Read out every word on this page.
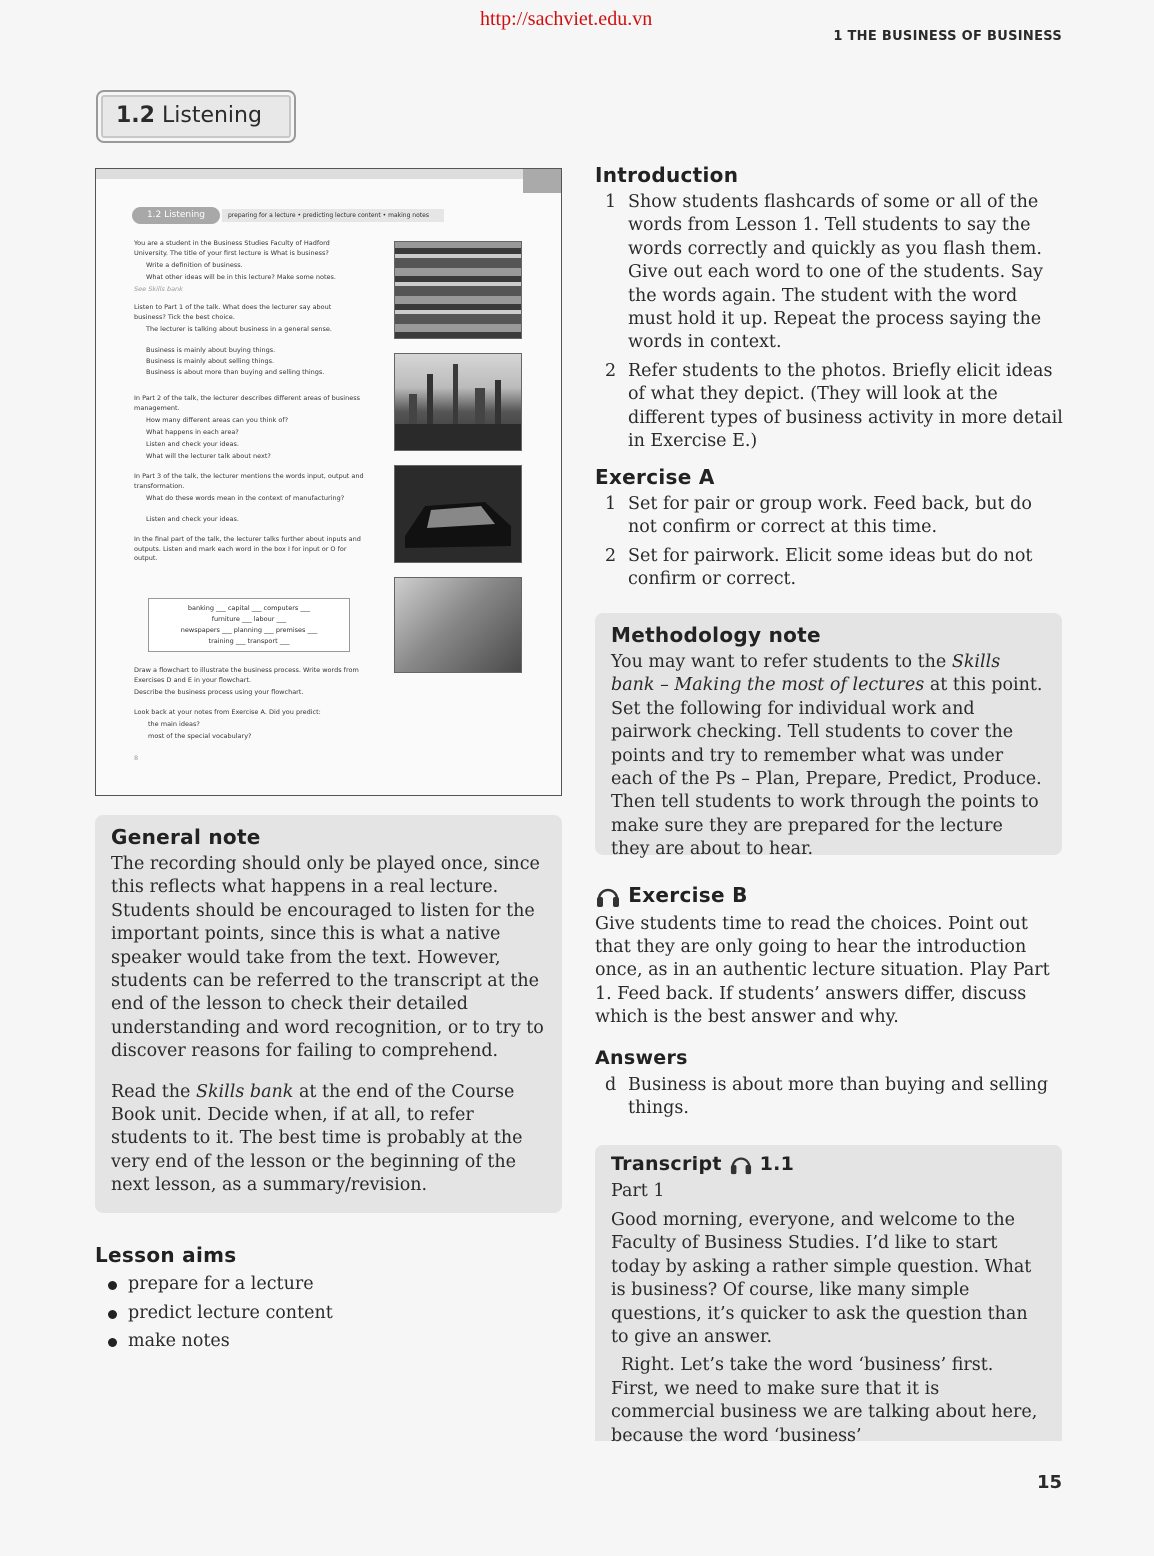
http://sachviet.edu.vn
1 THE BUSINESS OF BUSINESS
1.2 Listening
1.2 Listening	preparing for a lecture • predicting lecture content • making notes
You are a student in the Business Studies Faculty of Hadford University. The title of your first lecture is What is business?
Write a definition of business.
What other ideas will be in this lecture? Make some notes.
See Skills bank
Listen to Part 1 of the talk. What does the lecturer say about business? Tick the best choice.
The lecturer is talking about business in a general sense.
Business is mainly about buying things.
Business is mainly about selling things.
Business is about more than buying and selling things.
In Part 2 of the talk, the lecturer describes different areas of business management.
How many different areas can you think of?
What happens in each area?
Listen and check your ideas.
What will the lecturer talk about next?
In Part 3 of the talk, the lecturer mentions the words input, output and transformation.
What do these words mean in the context of manufacturing?
Listen and check your ideas.
In the final part of the talk, the lecturer talks further about inputs and outputs. Listen and mark each word in the box I for input or O for output.
banking ___ capital ___ computers ___
furniture ___ labour ___
newspapers ___ planning ___ premises ___
training ___ transport ___
Draw a flowchart to illustrate the business process. Write words from Exercises D and E in your flowchart.
Describe the business process using your flowchart.
Look back at your notes from Exercise A. Did you predict:
the main ideas?
most of the special vocabulary?
8
General note
The recording should only be played once, since this reflects what happens in a real lecture. Students should be encouraged to listen for the important points, since this is what a native speaker would take from the text. However, students can be referred to the transcript at the end of the lesson to check their detailed understanding and word recognition, or to try to discover reasons for failing to comprehend.
Read the Skills bank at the end of the Course Book unit. Decide when, if at all, to refer students to it. The best time is probably at the very end of the lesson or the beginning of the next lesson, as a summary/revision.
Lesson aims
prepare for a lecture
predict lecture content
make notes
Introduction
1 Show students flashcards of some or all of the words from Lesson 1. Tell students to say the words correctly and quickly as you flash them. Give out each word to one of the students. Say the words again. The student with the word must hold it up. Repeat the process saying the words in context.
2 Refer students to the photos. Briefly elicit ideas of what they depict. (They will look at the different types of business activity in more detail in Exercise E.)
Exercise A
1 Set for pair or group work. Feed back, but do not confirm or correct at this time.
2 Set for pairwork. Elicit some ideas but do not confirm or correct.
Methodology note
You may want to refer students to the Skills bank – Making the most of lectures at this point.
Set the following for individual work and pairwork checking. Tell students to cover the points and try to remember what was under each of the Ps – Plan, Prepare, Predict, Produce. Then tell students to work through the points to make sure they are prepared for the lecture they are about to hear.
Exercise B
Give students time to read the choices. Point out that they are only going to hear the introduction once, as in an authentic lecture situation. Play Part 1. Feed back. If students’ answers differ, discuss which is the best answer and why.
Answers
d Business is about more than buying and selling things.
Transcript 1.1
Part 1
Good morning, everyone, and welcome to the Faculty of Business Studies. I’d like to start today by asking a rather simple question. What is business? Of course, like many simple questions, it’s quicker to ask the question than to give an answer.
Right. Let’s take the word ‘business’ first. First, we need to make sure that it is commercial business we are talking about here, because the word ‘business’
15
